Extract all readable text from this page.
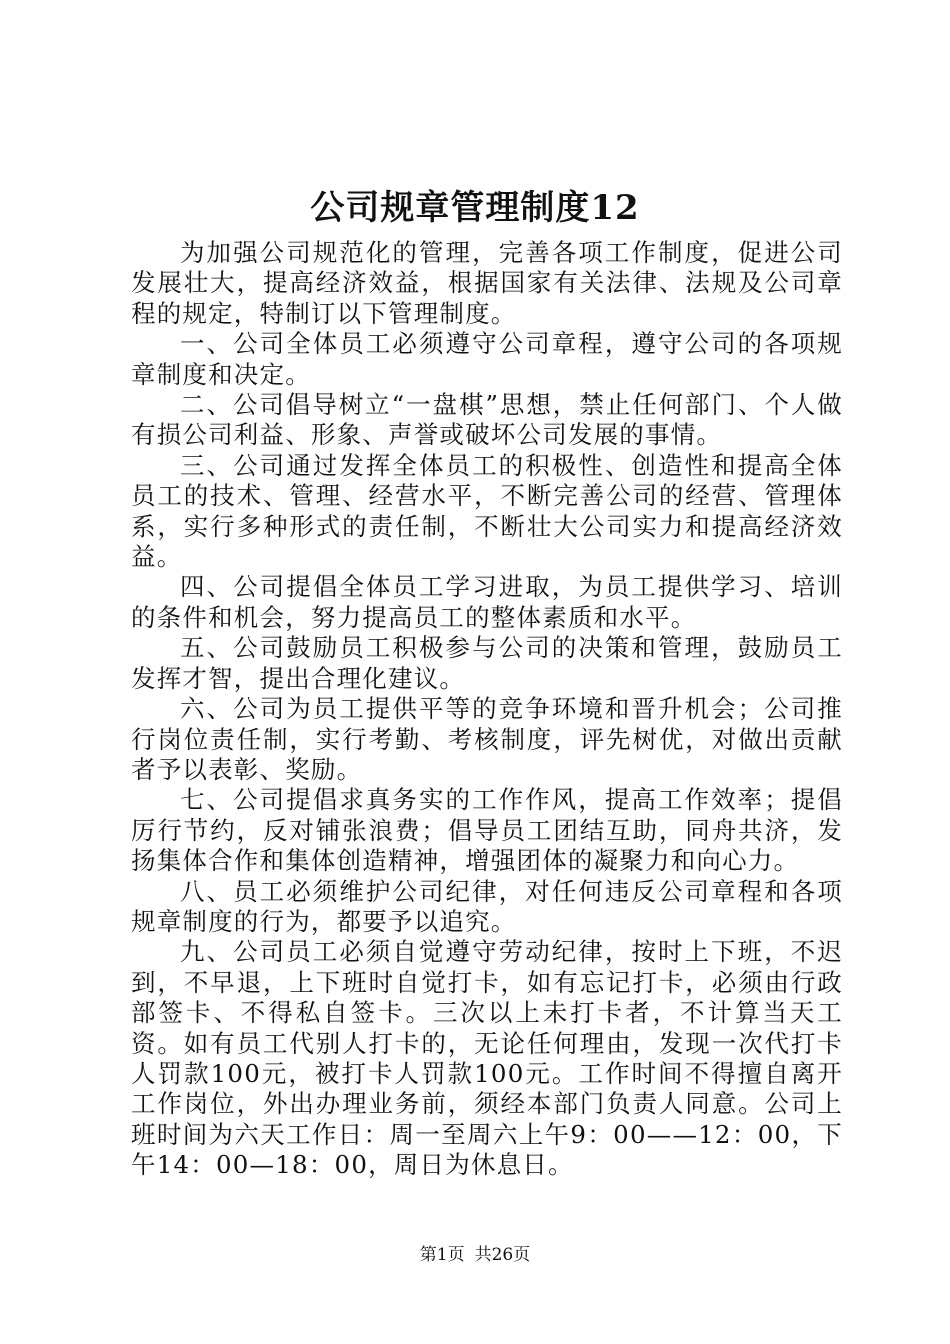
公司规章管理制度12

为加强公司规范化的管理，完善各项工作制度，促进公司发展壮大，提高经济效益，根据国家有关法律、法规及公司章程的规定，特制订以下管理制度。

一、公司全体员工必须遵守公司章程，遵守公司的各项规章制度和决定。

二、公司倡导树立“一盘棋”思想，禁止任何部门、个人做有损公司利益、形象、声誉或破坏公司发展的事情。

三、公司通过发挥全体员工的积极性、创造性和提高全体员工的技术、管理、经营水平，不断完善公司的经营、管理体系，实行多种形式的责任制，不断壮大公司实力和提高经济效益。

四、公司提倡全体员工学习进取，为员工提供学习、培训的条件和机会，努力提高员工的整体素质和水平。

五、公司鼓励员工积极参与公司的决策和管理，鼓励员工发挥才智，提出合理化建议。

六、公司为员工提供平等的竞争环境和晋升机会；公司推行岗位责任制，实行考勤、考核制度，评先树优，对做出贡献者予以表彰、奖励。

七、公司提倡求真务实的工作作风，提高工作效率；提倡厉行节约，反对铺张浪费；倡导员工团结互助，同舟共济，发扬集体合作和集体创造精神，增强团体的凝聚力和向心力。

八、员工必须维护公司纪律，对任何违反公司章程和各项规章制度的行为，都要予以追究。

九、公司员工必须自觉遵守劳动纪律，按时上下班，不迟到，不早退，上下班时自觉打卡，如有忘记打卡，必须由行政部签卡、不得私自签卡。三次以上未打卡者，不计算当天工资。如有员工代别人打卡的，无论任何理由，发现一次代打卡人罚款100元，被打卡人罚款100元。工作时间不得擅自离开工作岗位，外出办理业务前，须经本部门负责人同意。公司上班时间为六天工作日：周一至周六上午9：00——12：00，下午14：00—18：00，周日为休息日。

第1页 共26页
